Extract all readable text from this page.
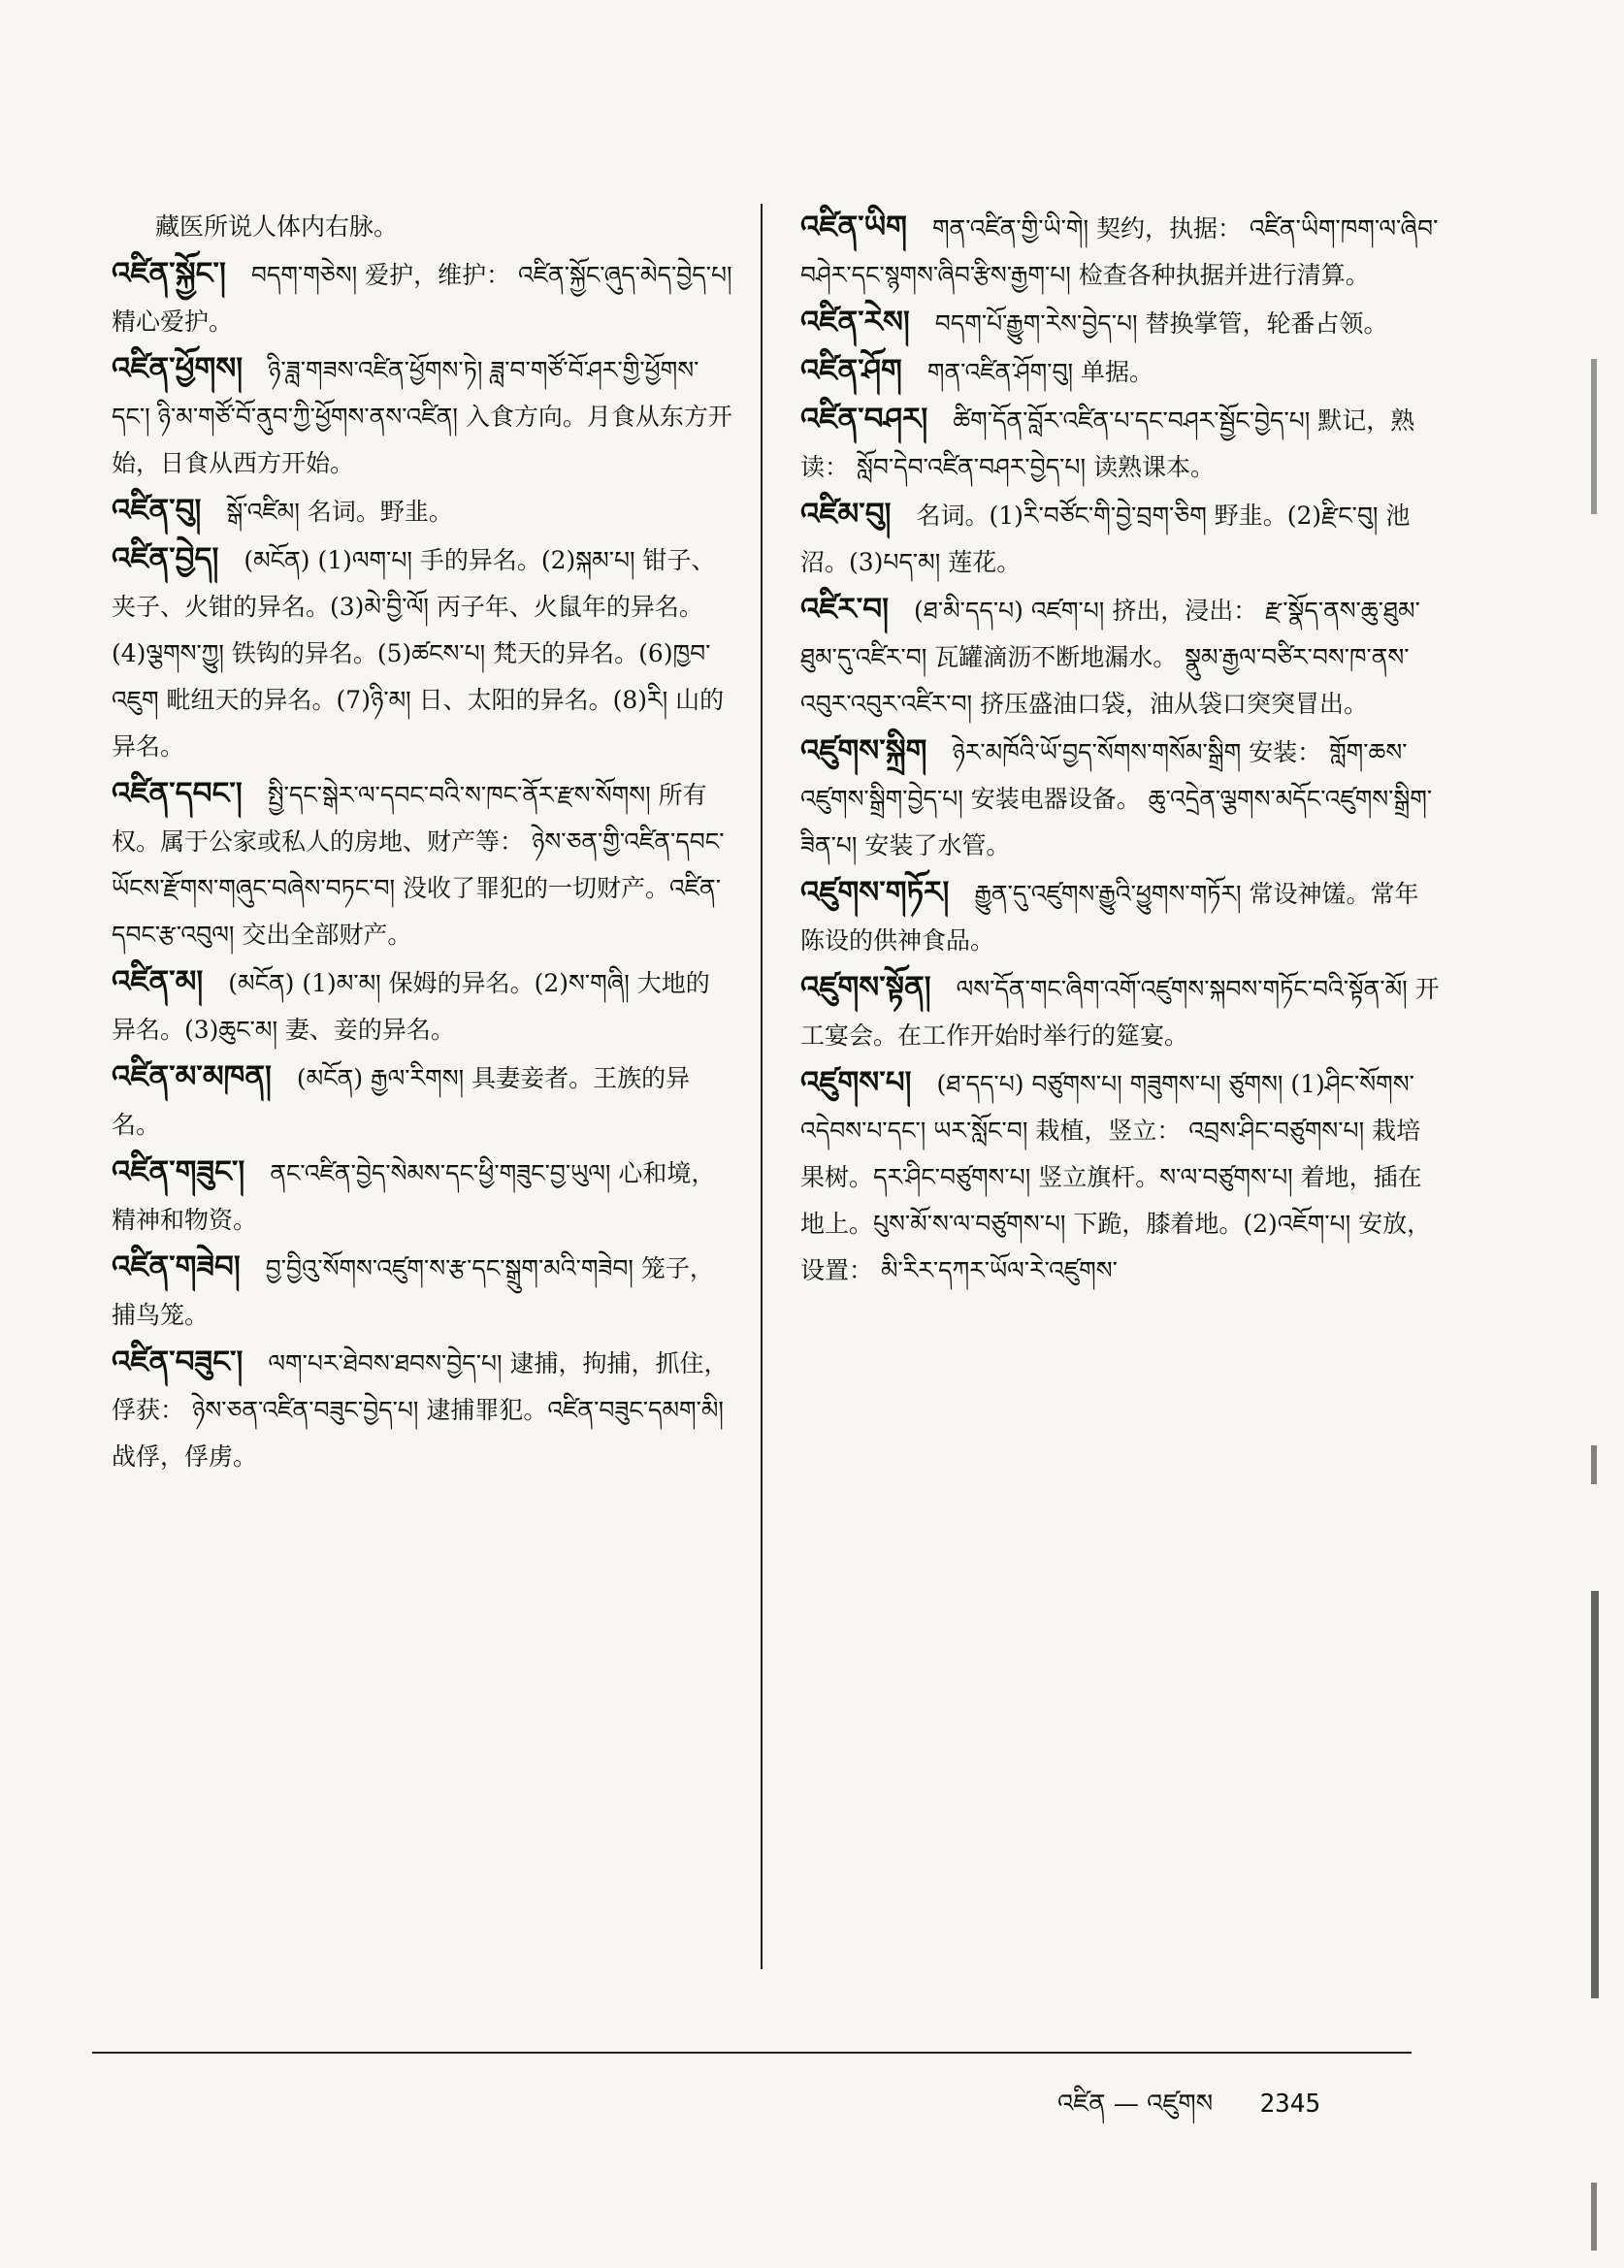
藏医所说人体内右脉。
འཛིན་སྐྱོང་། བདག་གཅེས། 爱护，维护： འཛིན་སྐྱོང་ཞུད་མེད་བྱེད་པ། 精心爱护。
འཛིན་ཕྱོགས། ཉི་ཟླ་གཟས་འཛིན་ཕྱོགས་ཏེ། ཟླ་བ་གཙོ་བོ་ཤར་གྱི་ཕྱོགས་དང་། ཉི་མ་གཙོ་བོ་ནུབ་ཀྱི་ཕྱོགས་ནས་འཛིན། 入食方向。月食从东方开始，日食从西方开始。
འཛིན་བུ། སྒོ་འཛིམ། 名词。野韭。
འཛིན་བྱེད། (མངོན) (1)ལག་པ། 手的异名。(2)སྐམ་པ། 钳子、夹子、火钳的异名。(3)མེ་བྱི་ལོ། 丙子年、火鼠年的异名。(4)ལྕགས་ཀྱུ། 铁钩的异名。(5)ཚངས་པ། 梵天的异名。(6)ཁྱབ་འཇུག 毗纽天的异名。(7)ཉི་མ། 日、太阳的异名。(8)རི། 山的异名。
འཛིན་དབང་། སྤྱི་དང་སྒེར་ལ་དབང་བའི་ས་ཁང་ནོར་རྫས་སོགས། 所有权。属于公家或私人的房地、财产等： ཉེས་ཅན་གྱི་འཛིན་དབང་ཡོངས་རྫོགས་གཞུང་བཞེས་བཏང་བ། 没收了罪犯的一切财产。འཛིན་དབང་རྩ་འབུལ། 交出全部财产。
འཛིན་མ། (མངོན) (1)མ་མ། 保姆的异名。(2)ས་གཞི། 大地的异名。(3)ཆུང་མ། 妻、妾的异名。
འཛིན་མ་མཁན། (མངོན) རྒྱལ་རིགས། 具妻妾者。王族的异名。
འཛིན་གཟུང་། ནང་འཛིན་བྱེད་སེམས་དང་ཕྱི་གཟུང་བྱ་ཡུལ། 心和境，精神和物资。
འཛིན་གཟེབ། བྱ་བྱིའུ་སོགས་འཛུག་ས་རྩ་དང་སྒྲུག་མའི་གཟེབ། 笼子，捕鸟笼。
འཛིན་བཟུང་། ལག་པར་ཐེབས་ཐབས་བྱེད་པ། 逮捕，拘捕，抓住，俘获： ཉེས་ཅན་འཛིན་བཟུང་བྱེད་པ། 逮捕罪犯。འཛིན་བཟུང་དམག་མི། 战俘，俘虏。
འཛིན་ཡིག གན་འཛིན་གྱི་ཡི་གེ། 契约，执据： འཛིན་ཡིག་ཁག་ལ་ཞིབ་བཤེར་དང་སྙགས་ཞིབ་རྩིས་རྒྱག་པ། 检查各种执据并进行清算。
འཛིན་རེས། བདག་པོ་རྒྱུག་རེས་བྱེད་པ། 替换掌管，轮番占领。
འཛིན་ཤོག གན་འཛིན་ཤོག་བུ། 单据。
འཛིན་བཤར། ཚིག་དོན་བློར་འཛིན་པ་དང་བཤར་སྦྱོང་བྱེད་པ། 默记，熟读： སློབ་དེབ་འཛིན་བཤར་བྱེད་པ། 读熟课本。
འཛིམ་བུ། 名词。(1)རི་བཙོང་གི་བྱེ་བྲག་ཅིག 野韭。(2)རྫིང་བུ། 池沼。(3)པད་མ། 莲花。
འཛིར་བ། (ཐ་མི་དད་པ) འཛག་པ། 挤出，浸出： རྫ་སྣོད་ནས་ཆུ་ཐུམ་ཐུམ་དུ་འཛིར་བ། 瓦罐滴沥不断地漏水。 སྣུམ་རྒྱལ་བཙིར་བས་ཁ་ནས་འབུར་འབུར་འཛིར་བ། 挤压盛油口袋，油从袋口突突冒出。
འཛུགས་སྐྲིག ཉེར་མཁོའི་ཡོ་བྱད་སོགས་གསོམ་སྒྲིག 安装： གློག་ཆས་འཛུགས་སྒྲིག་བྱེད་པ། 安装电器设备。 ཆུ་འདྲེན་ལྕགས་མདོང་འཛུགས་སྒྲིག་ཟིན་པ། 安装了水管。
འཛུགས་གཏོར། རྒྱུན་དུ་འཛུགས་རྒྱུའི་ཕྱུགས་གཏོར། 常设神馐。常年陈设的供神食品。
འཛུགས་སྟོན། ལས་དོན་གང་ཞིག་འགོ་འཛུགས་སྐབས་གཏོང་བའི་སྟོན་མོ། 开工宴会。在工作开始时举行的筵宴。
འཛུགས་པ། (ཐ་དད་པ) བཙུགས་པ། གཟུགས་པ། ཙུགས། (1)ཤིང་སོགས་འདེབས་པ་དང་། ཡར་སློང་བ། 栽植，竖立： འབྲས་ཤིང་བཙུགས་པ། 栽培果树。དར་ཤིང་བཙུགས་པ། 竖立旗杆。ས་ལ་བཙུགས་པ། 着地，插在地上。པུས་མོ་ས་ལ་བཙུགས་པ། 下跪，膝着地。(2)འཇོག་པ། 安放，设置： མི་རིར་དཀར་ཡོལ་རེ་འཛུགས་
འཛིན — འཛུགས 2345
